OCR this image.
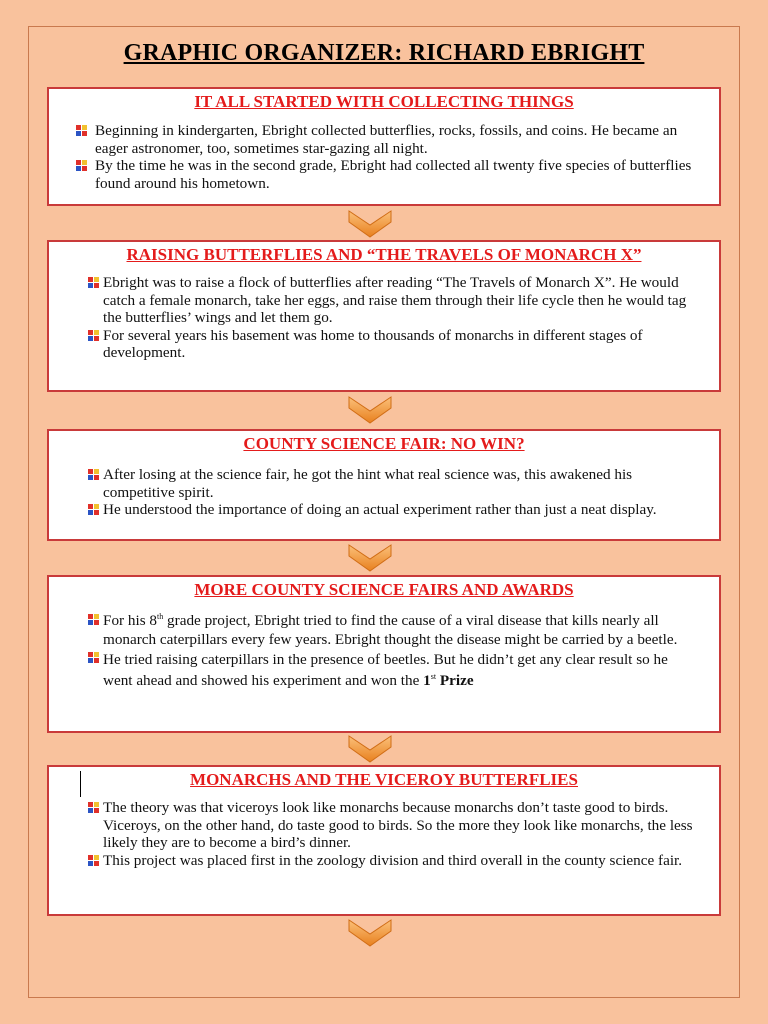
GRAPHIC ORGANIZER: RICHARD EBRIGHT
IT ALL STARTED WITH COLLECTING THINGS
Beginning in kindergarten, Ebright collected butterflies, rocks, fossils, and coins. He became an eager astronomer, too, sometimes star-gazing all night.
By the time he was in the second grade, Ebright had collected all twenty five species of butterflies found around his hometown.
RAISING BUTTERFLIES AND “THE TRAVELS OF MONARCH X”
Ebright was to raise a flock of butterflies after reading “The Travels of Monarch X”. He would catch a female monarch, take her eggs, and raise them through their life cycle then he would tag the butterflies’ wings and let them go.
For several years his basement was home to thousands of monarchs in different stages of development.
COUNTY SCIENCE FAIR: NO WIN?
After losing at the science fair, he got the hint what real science was, this awakened his competitive spirit.
He understood the importance of doing an actual experiment rather than just a neat display.
MORE COUNTY SCIENCE FAIRS AND AWARDS
For his 8th grade project, Ebright tried to find the cause of a viral disease that kills nearly all monarch caterpillars every few years. Ebright thought the disease might be carried by a beetle.
He tried raising caterpillars in the presence of beetles. But he didn’t get any clear result so he went ahead and showed his experiment and won the 1st Prize
MONARCHS AND THE VICEROY BUTTERFLIES
The theory was that viceroys look like monarchs because monarchs don’t taste good to birds. Viceroys, on the other hand, do taste good to birds. So the more they look like monarchs, the less likely they are to become a bird’s dinner.
This project was placed first in the zoology division and third overall in the county science fair.
